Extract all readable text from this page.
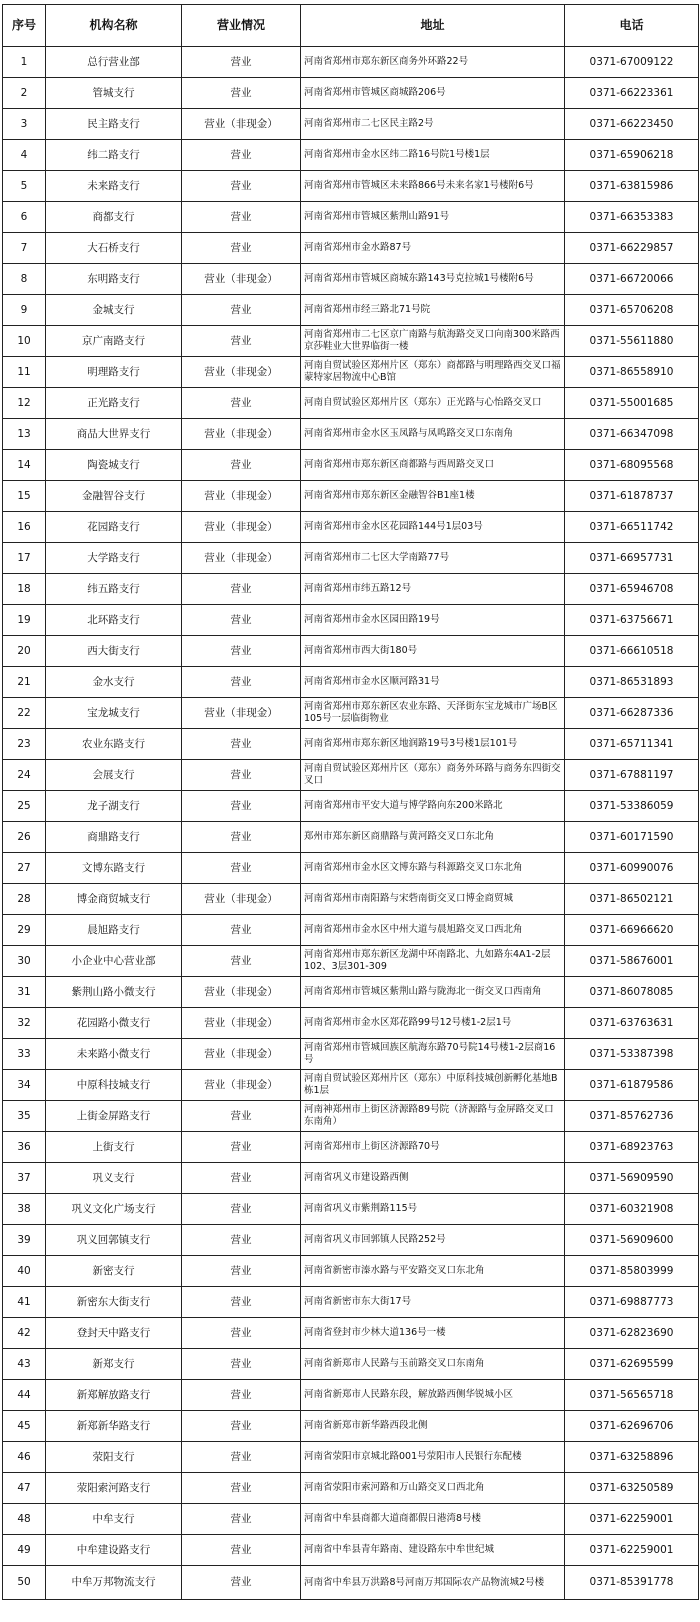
序号	机构名称	营业情况	地址	电话
1	总行营业部	营业	河南省郑州市郑东新区商务外环路22号	0371-67009122
2	管城支行	营业	河南省郑州市管城区商城路206号	0371-66223361
3	民主路支行	营业（非现金）	河南省郑州市二七区民主路2号	0371-66223450
4	纬二路支行	营业	河南省郑州市金水区纬二路16号院1号楼1层	0371-65906218
5	未来路支行	营业	河南省郑州市管城区未来路866号未来名家1号楼附6号	0371-63815986
6	商都支行	营业	河南省郑州市管城区紫荆山路91号	0371-66353383
7	大石桥支行	营业	河南省郑州市金水路87号	0371-66229857
8	东明路支行	营业（非现金）	河南省郑州市管城区商城东路143号克拉城1号楼附6号	0371-66720066
9	金城支行	营业	河南省郑州市经三路北71号院	0371-65706208
10	京广南路支行	营业	河南省郑州市二七区京广南路与航海路交叉口向南300米路西京莎鞋业大世界临街一楼	0371-55611880
11	明理路支行	营业（非现金）	河南自贸试验区郑州片区（郑东）商都路与明理路西交叉口福蒙特家居物流中心B馆	0371-86558910
12	正光路支行	营业	河南自贸试验区郑州片区（郑东）正光路与心怡路交叉口	0371-55001685
13	商品大世界支行	营业（非现金）	河南省郑州市金水区玉凤路与凤鸣路交叉口东南角	0371-66347098
14	陶瓷城支行	营业	河南省郑州市郑东新区商都路与西周路交叉口	0371-68095568
15	金融智谷支行	营业（非现金）	河南省郑州市郑东新区金融智谷B1座1楼	0371-61878737
16	花园路支行	营业（非现金）	河南省郑州市金水区花园路144号1层03号	0371-66511742
17	大学路支行	营业（非现金）	河南省郑州市二七区大学南路77号	0371-66957731
18	纬五路支行	营业	河南省郑州市纬五路12号	0371-65946708
19	北环路支行	营业	河南省郑州市金水区园田路19号	0371-63756671
20	西大街支行	营业	河南省郑州市西大街180号	0371-66610518
21	金水支行	营业	河南省郑州市金水区顺河路31号	0371-86531893
22	宝龙城支行	营业（非现金）	河南省郑州市郑东新区农业东路、天泽街东宝龙城市广场B区105号一层临街物业	0371-66287336
23	农业东路支行	营业	河南省郑州市郑东新区地润路19号3号楼1层101号	0371-65711341
24	会展支行	营业	河南自贸试验区郑州片区（郑东）商务外环路与商务东四街交叉口	0371-67881197
25	龙子湖支行	营业	河南省郑州市平安大道与博学路向东200米路北	0371-53386059
26	商鼎路支行	营业	郑州市郑东新区商鼎路与黄河路交叉口东北角	0371-60171590
27	文博东路支行	营业	河南省郑州市金水区文博东路与科源路交叉口东北角	0371-60990076
28	博金商贸城支行	营业（非现金）	河南省郑州市南阳路与宋砦南街交叉口博金商贸城	0371-86502121
29	晨旭路支行	营业	河南省郑州市金水区中州大道与晨旭路交叉口西北角	0371-66966620
30	小企业中心营业部	营业	河南省郑州市郑东新区龙湖中环南路北、九如路东4A1-2层102、3层301-309	0371-58676001
31	紫荆山路小微支行	营业（非现金）	河南省郑州市管城区紫荆山路与陇海北一街交叉口西南角	0371-86078085
32	花园路小微支行	营业（非现金）	河南省郑州市金水区郑花路99号12号楼1-2层1号	0371-63763631
33	未来路小微支行	营业（非现金）	河南省郑州市管城回族区航海东路70号院14号楼1-2层商16号	0371-53387398
34	中原科技城支行	营业（非现金）	河南自贸试验区郑州片区（郑东）中原科技城创新孵化基地B栋1层	0371-61879586
35	上街金屏路支行	营业	河南神郑州市上街区济源路89号院（济源路与金屏路交叉口东南角）	0371-85762736
36	上街支行	营业	河南省郑州市上街区济源路70号	0371-68923763
37	巩义支行	营业	河南省巩义市建设路西侧	0371-56909590
38	巩义文化广场支行	营业	河南省巩义市紫荆路115号	0371-60321908
39	巩义回郭镇支行	营业	河南省巩义市回郭镇人民路252号	0371-56909600
40	新密支行	营业	河南省新密市溱水路与平安路交叉口东北角	0371-85803999
41	新密东大街支行	营业	河南省新密市东大街17号	0371-69887773
42	登封天中路支行	营业	河南省登封市少林大道136号一楼	0371-62823690
43	新郑支行	营业	河南省新郑市人民路与玉前路交叉口东南角	0371-62695599
44	新郑解放路支行	营业	河南省新郑市人民路东段，解放路西侧华锐城小区	0371-56565718
45	新郑新华路支行	营业	河南省新郑市新华路西段北侧	0371-62696706
46	荥阳支行	营业	河南省荥阳市京城北路001号荥阳市人民银行东配楼	0371-63258896
47	荥阳索河路支行	营业	河南省荥阳市索河路和万山路交叉口西北角	0371-63250589
48	中牟支行	营业	河南省中牟县商都大道商都假日港湾8号楼	0371-62259001
49	中牟建设路支行	营业	河南省中牟县青年路南、建设路东中牟世纪城	0371-62259001
50	中牟万邦物流支行	营业	河南省中牟县万洪路8号河南万邦国际农产品物流城2号楼	0371-85391778
